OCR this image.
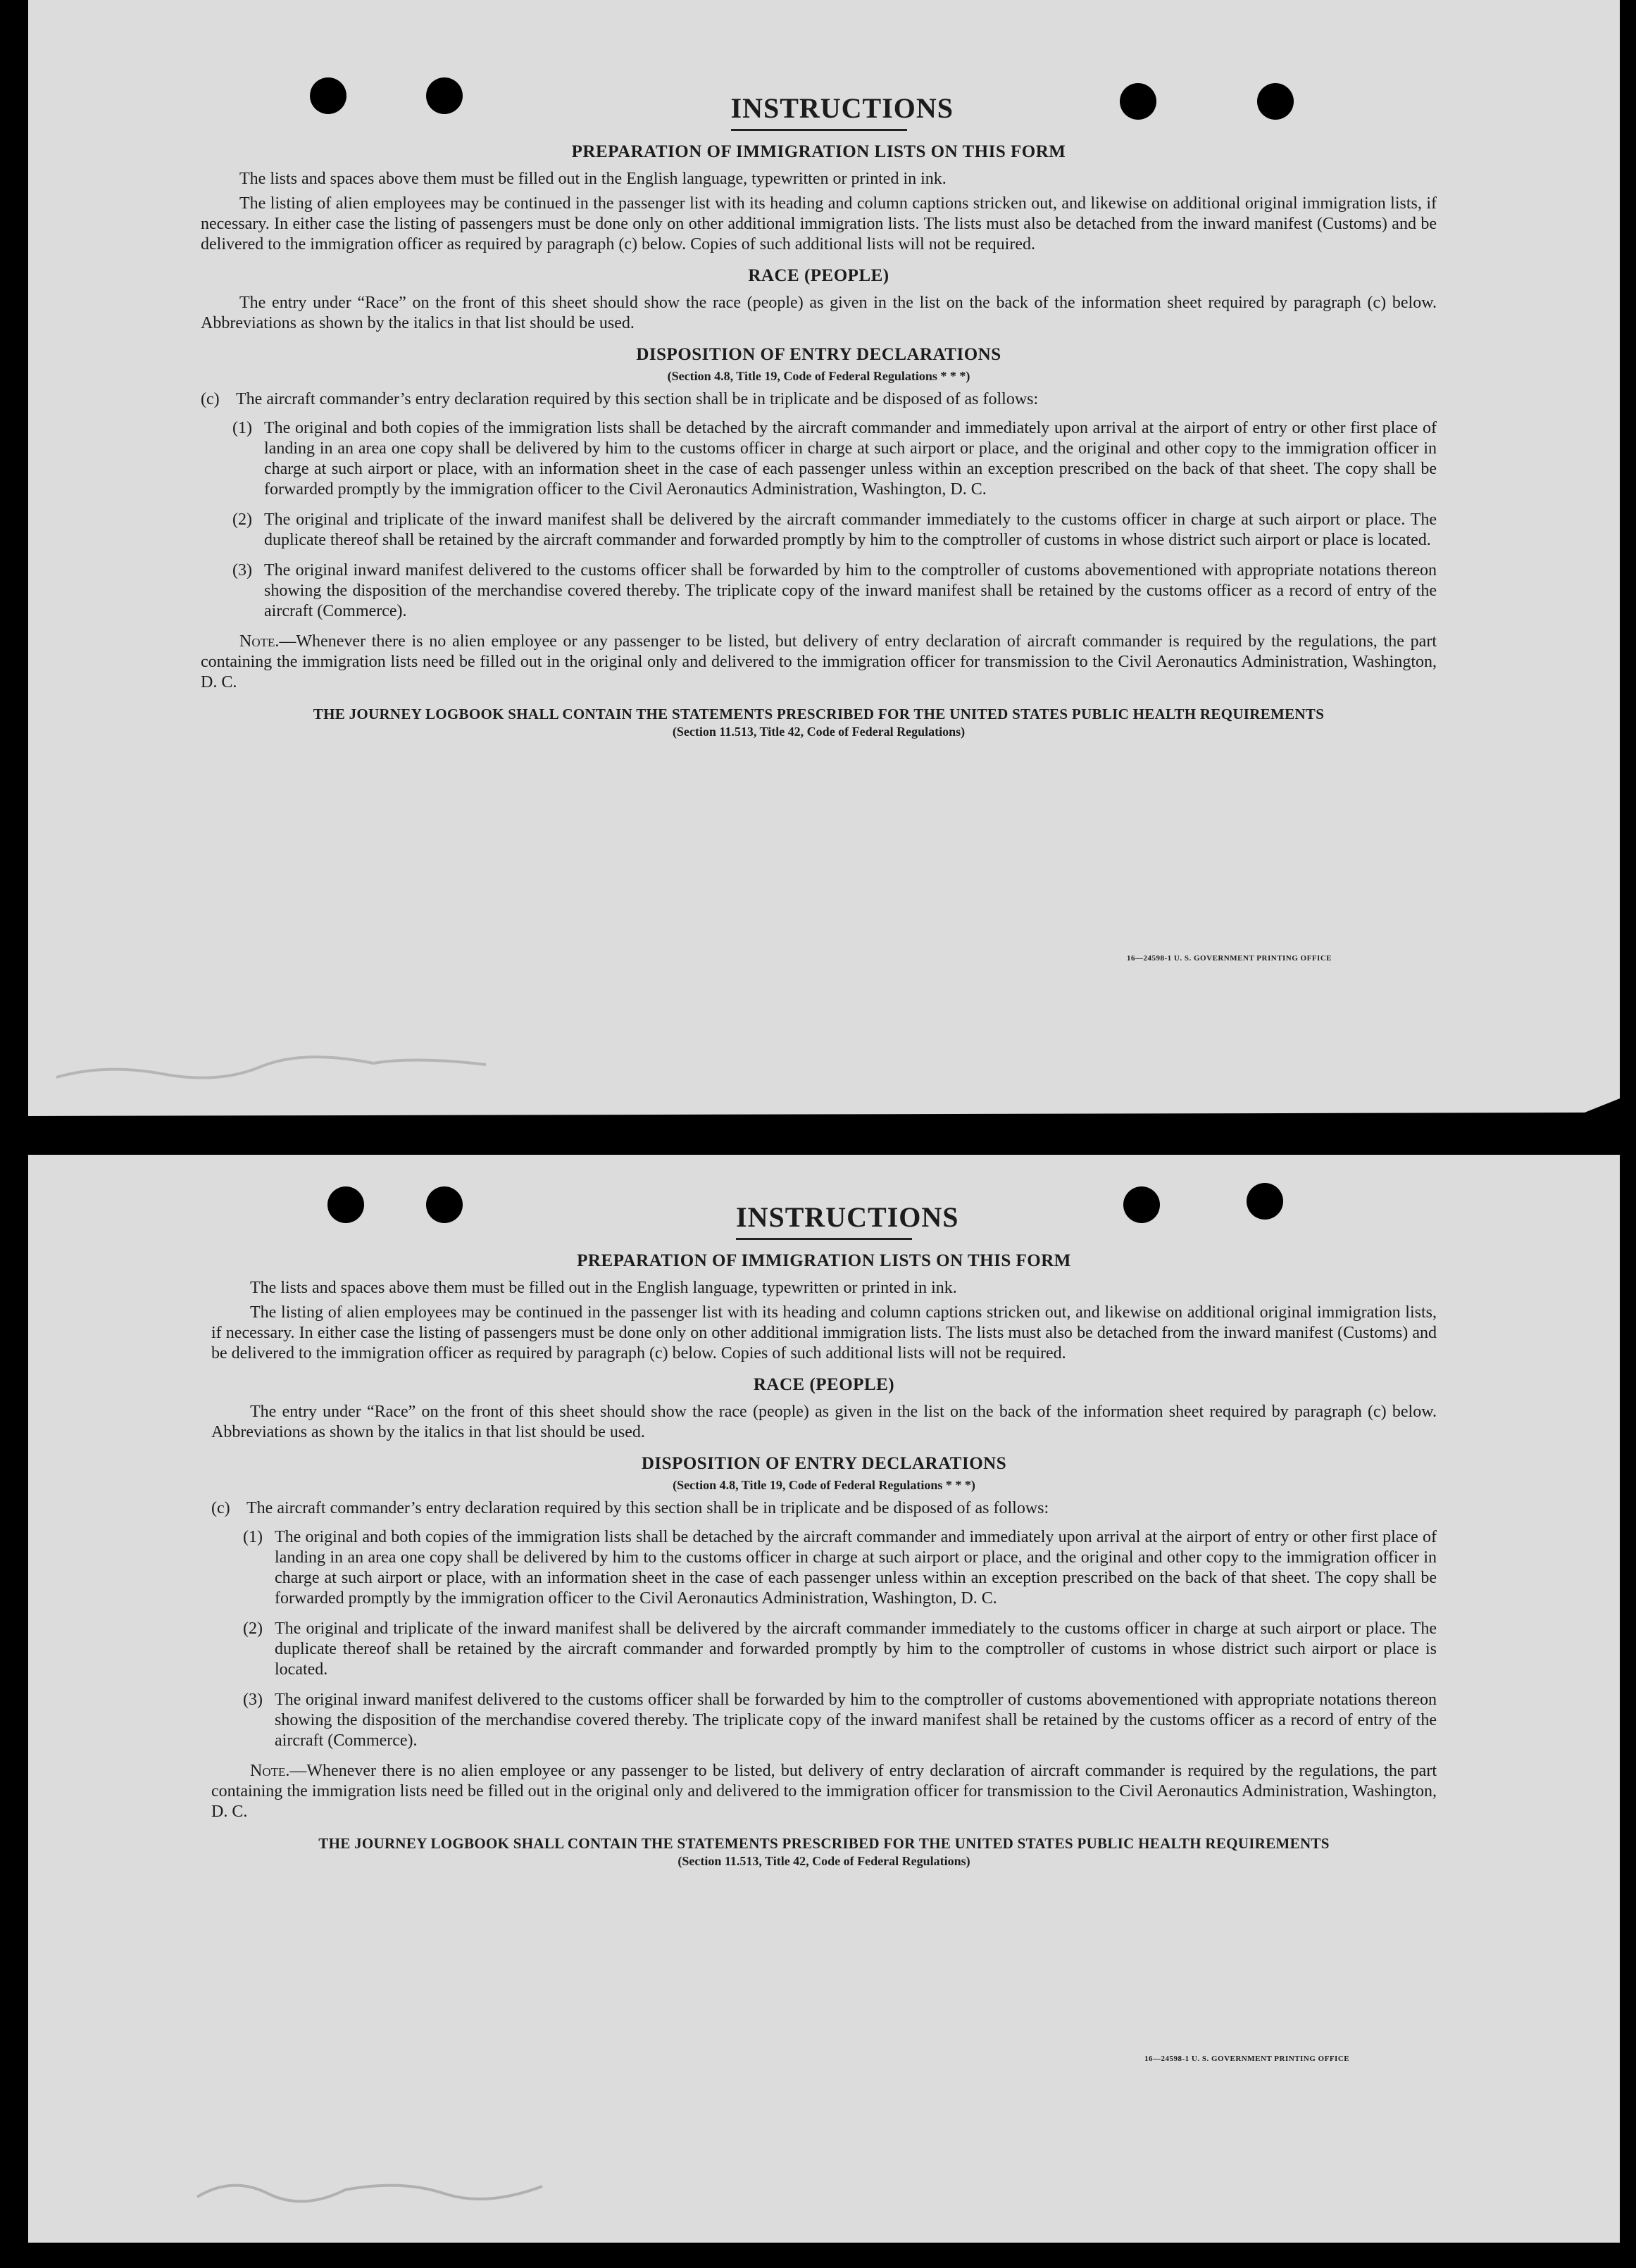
INSTRUCTIONS
PREPARATION OF IMMIGRATION LISTS ON THIS FORM

The lists and spaces above them must be filled out in the English language, typewritten or printed in ink.

The listing of alien employees may be continued in the passenger list with its heading and column captions stricken out, and likewise on additional original immigration lists, if necessary. In either case the listing of passengers must be done only on other additional immigration lists. The lists must also be detached from the inward manifest (Customs) and be delivered to the immigration officer as required by paragraph (c) below. Copies of such additional lists will not be required.

RACE (PEOPLE)

The entry under “Race” on the front of this sheet should show the race (people) as given in the list on the back of the information sheet required by paragraph (c) below. Abbreviations as shown by the italics in that list should be used.

DISPOSITION OF ENTRY DECLARATIONS
(Section 4.8, Title 19, Code of Federal Regulations * * *)
(c) The aircraft commander’s entry declaration required by this section shall be in triplicate and be disposed of as follows:
(1) The original and both copies of the immigration lists shall be detached by the aircraft commander and immediately upon arrival at the airport of entry or other first place of landing in an area one copy shall be delivered by him to the customs officer in charge at such airport or place, and the original and other copy to the immigration officer in charge at such airport or place, with an information sheet in the case of each passenger unless within an exception prescribed on the back of that sheet. The copy shall be forwarded promptly by the immigration officer to the Civil Aeronautics Administration, Washington, D. C.
(2) The original and triplicate of the inward manifest shall be delivered by the aircraft commander immediately to the customs officer in charge at such airport or place. The duplicate thereof shall be retained by the aircraft commander and forwarded promptly by him to the comptroller of customs in whose district such airport or place is located.
(3) The original inward manifest delivered to the customs officer shall be forwarded by him to the comptroller of customs abovementioned with appropriate notations thereon showing the disposition of the merchandise covered thereby. The triplicate copy of the inward manifest shall be retained by the customs officer as a record of entry of the aircraft (Commerce).

Note.—Whenever there is no alien employee or any passenger to be listed, but delivery of entry declaration of aircraft commander is required by the regulations, the part containing the immigration lists need be filled out in the original only and delivered to the immigration officer for transmission to the Civil Aeronautics Administration, Washington, D. C.

THE JOURNEY LOGBOOK SHALL CONTAIN THE STATEMENTS PRESCRIBED FOR THE UNITED STATES PUBLIC HEALTH REQUIREMENTS
(Section 11.513, Title 42, Code of Federal Regulations)
16—24598-1 U. S. GOVERNMENT PRINTING OFFICE
INSTRUCTIONS
PREPARATION OF IMMIGRATION LISTS ON THIS FORM

The lists and spaces above them must be filled out in the English language, typewritten or printed in ink.

The listing of alien employees may be continued in the passenger list with its heading and column captions stricken out, and likewise on additional original immigration lists, if necessary. In either case the listing of passengers must be done only on other additional immigration lists. The lists must also be detached from the inward manifest (Customs) and be delivered to the immigration officer as required by paragraph (c) below. Copies of such additional lists will not be required.

RACE (PEOPLE)

The entry under “Race” on the front of this sheet should show the race (people) as given in the list on the back of the information sheet required by paragraph (c) below. Abbreviations as shown by the italics in that list should be used.

DISPOSITION OF ENTRY DECLARATIONS
(Section 4.8, Title 19, Code of Federal Regulations * * *)
(c) The aircraft commander’s entry declaration required by this section shall be in triplicate and be disposed of as follows:
(1) The original and both copies of the immigration lists shall be detached by the aircraft commander and immediately upon arrival at the airport of entry or other first place of landing in an area one copy shall be delivered by him to the customs officer in charge at such airport or place, and the original and other copy to the immigration officer in charge at such airport or place, with an information sheet in the case of each passenger unless within an exception prescribed on the back of that sheet. The copy shall be forwarded promptly by the immigration officer to the Civil Aeronautics Administration, Washington, D. C.
(2) The original and triplicate of the inward manifest shall be delivered by the aircraft commander immediately to the customs officer in charge at such airport or place. The duplicate thereof shall be retained by the aircraft commander and forwarded promptly by him to the comptroller of customs in whose district such airport or place is located.
(3) The original inward manifest delivered to the customs officer shall be forwarded by him to the comptroller of customs abovementioned with appropriate notations thereon showing the disposition of the merchandise covered thereby. The triplicate copy of the inward manifest shall be retained by the customs officer as a record of entry of the aircraft (Commerce).

Note.—Whenever there is no alien employee or any passenger to be listed, but delivery of entry declaration of aircraft commander is required by the regulations, the part containing the immigration lists need be filled out in the original only and delivered to the immigration officer for transmission to the Civil Aeronautics Administration, Washington, D. C.

THE JOURNEY LOGBOOK SHALL CONTAIN THE STATEMENTS PRESCRIBED FOR THE UNITED STATES PUBLIC HEALTH REQUIREMENTS
(Section 11.513, Title 42, Code of Federal Regulations)
16—24598-1 U. S. GOVERNMENT PRINTING OFFICE
